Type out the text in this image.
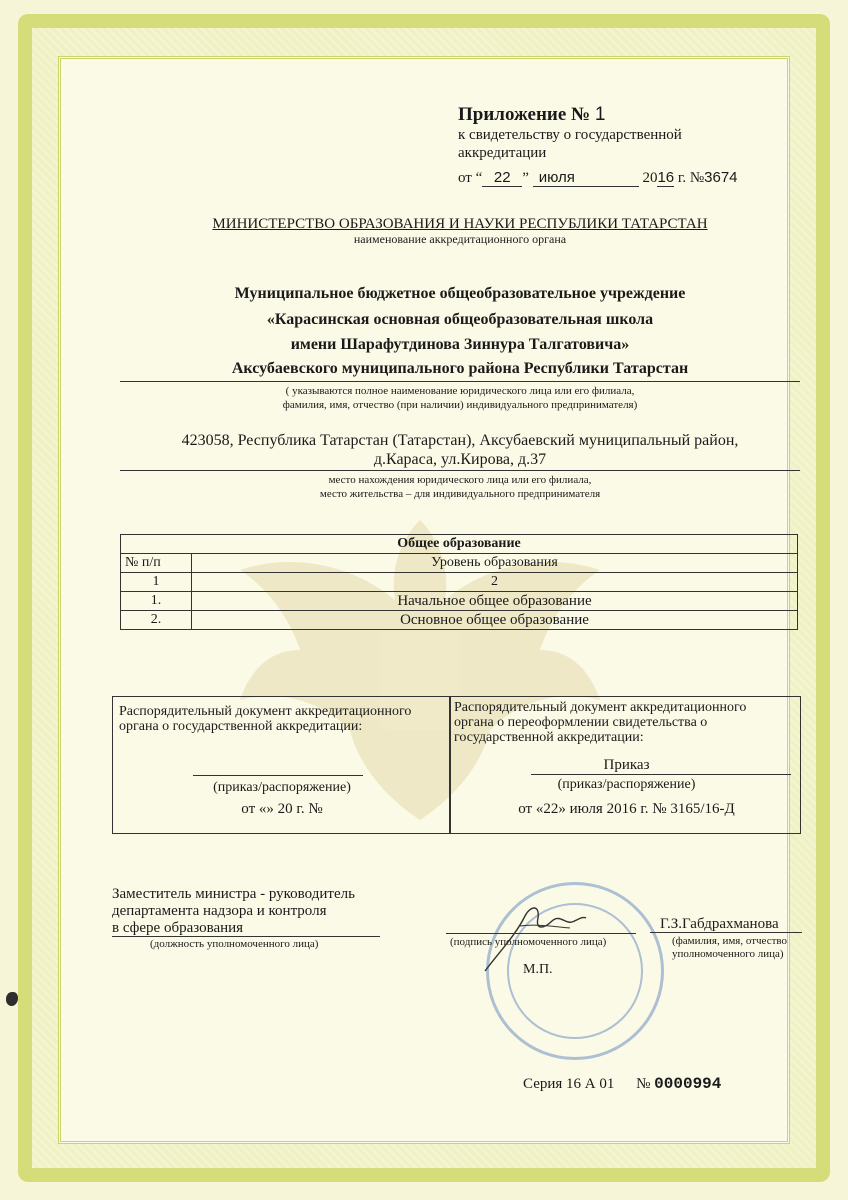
Приложение № 1
к свидетельству о государственной
аккредитации
от “ 22 ” июля	2016 г. №3674
МИНИСТЕРСТВО ОБРАЗОВАНИЯ И НАУКИ РЕСПУБЛИКИ ТАТАРСТАН
наименование аккредитационного органа
Муниципальное бюджетное общеобразовательное учреждение
«Карасинская основная общеобразовательная школа
имени Шарафутдинова Зиннура Талгатовича»
Аксубаевского муниципального района Республики Татарстан
( указываются полное наименование юридического лица или его филиала,
фамилия, имя, отчество (при наличии) индивидуального предпринимателя)
423058, Республика Татарстан (Татарстан), Аксубаевский муниципальный район,
д.Караса, ул.Кирова, д.37
место нахождения юридического лица или его филиала,
место жительства – для индивидуального предпринимателя
Общее образование	
№ п/п	Уровень образования
1	2
1.	Начальное общее образование
2.	Основное общее образование
Распорядительный документ аккредитационного
органа о государственной аккредитации:
(приказ/распоряжение)
от «» 20 г. №
Распорядительный документ аккредитационного
органа о переоформлении свидетельства о
государственной аккредитации:
Приказ
(приказ/распоряжение)
от «22» июля 2016 г. № 3165/16-Д
Заместитель министра - руководитель
департамента надзора и контроля
в сфере образования
(должность уполномоченного лица)	(подпись уполномоченного лица)
Г.З.Габдрахманова
(фамилия, имя, отчество
уполномоченного лица)
М.П.
Серия 16 А 01 № 0000994
